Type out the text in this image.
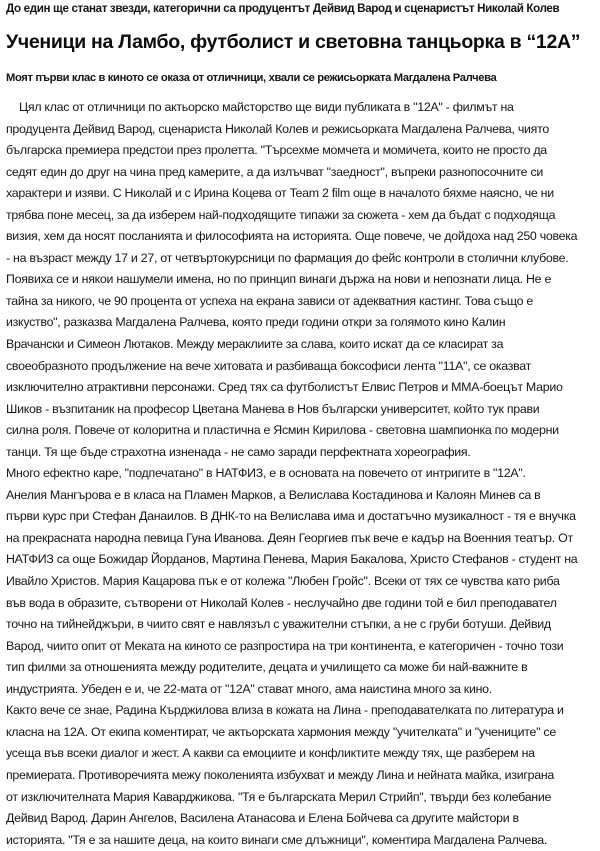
До един ще станат звезди, категорични са продуцентът Дейвид Варод и сценаристът Николай Колев
Ученици на Ламбо, футболист и световна танцьорка в “12А”
Моят първи клас в киното се оказа от отличници, хвали се режисьорката Магдалена Ралчева
Цял клас от отличници по актьорско майсторство ще види публиката в "12А" - филмът на
продуцента Дейвид Варод, сценариста Николай Колев и режисьорката Магдалена Ралчева, чиято
българска премиера предстои през пролетта. "Търсехме момчета и момичета, които не просто да
седят един до друг на чина пред камерите, а да излъчват "заедност", въпреки разнопосочните си
характери и изяви. С Николай и с Ирина Коцева от Team 2 film още в началото бяхме наясно, че ни
трябва поне месец, за да изберем най-подходящите типажи за сюжета - хем да бъдат с подходяща
визия, хем да носят посланията и философията на историята. Още повече, че дойдоха над 250 човека
- на възраст между 17 и 27, от четвъртокурсници по фармация до фейс контроли в столични клубове.
Появиха се и някои нашумели имена, но по принцип винаги държа на нови и непознати лица. Не е
тайна за никого, че 90 процента от успеха на екрана зависи от адекватния кастинг. Това също е
изкуство", разказва Магдалена Ралчева, която преди години откри за голямото кино Калин
Врачански и Симеон Лютаков. Между мераклиите за слава, които искат да се класират за
своеобразното продължение на вече хитовата и разбиваща боксофиси лента "11А", се оказват
изключително атрактивни персонажи. Сред тях са футболистът Елвис Петров и ММА-боецът Марио
Шиков - възпитаник на професор Цветана Манева в Нов български университет, който тук прави
силна роля. Повече от колоритна и пластична е Ясмин Кирилова - световна шампионка по модерни
танци. Тя ще бъде страхотна изненада - не само заради перфектната хореография.
Много ефектно каре, "подпечатано" в НАТФИЗ, е в основата на повечето от интригите в "12А".
Анелия Мангърова е в класа на Пламен Марков, а Велислава Костадинова и Калоян Минев са в
първи курс при Стефан Данаилов. В ДНК-то на Велислава има и достатъчно музикалност - тя е внучка
на прекрасната народна певица Гуна Иванова. Деян Георгиев пък вече е кадър на Военния театър. От
НАТФИЗ са още Божидар Йорданов, Мартина Пенева, Мария Бакалова, Христо Стефанов - студент на
Ивайло Христов. Мария Кацарова пък е от колежа "Любен Гройс". Всеки от тях се чувства като риба
във вода в образите, сътворени от Николай Колев - неслучайно две години той е бил преподавател
точно на тийнейджъри, в чиито свят е навлязъл с уважителни стъпки, а не с груби ботуши. Дейвид
Варод, чиито опит от Меката на киното се разпростира на три континента, е категоричен - точно този
тип филми за отношенията между родителите, децата и училището са може би най-важните в
индустрията. Убеден е и, че 22-мата от "12А" стават много, ама наистина много за кино.
Както вече се знае, Радина Кърджилова влиза в кожата на Лина - преподавателката по литература и
класна на 12А. От екипа коментират, че актьорската хармония между "учителката" и "учениците" се
усеща във всеки диалог и жест. А какви са емоциите и конфликтите между тях, ще разберем на
премиерата. Противоречията межу поколенията избухват и между Лина и нейната майка, изиграна
от изключителната Мария Каварджикова. "Тя е българската Мерил Стрийп", твърди без колебание
Дейвид Варод. Дарин Ангелов, Василена Атанасова и Елена Бойчева са другите майстори в
историята. "Тя е за нашите деца, на които винаги сме длъжници", коментира Магдалена Ралчева.
